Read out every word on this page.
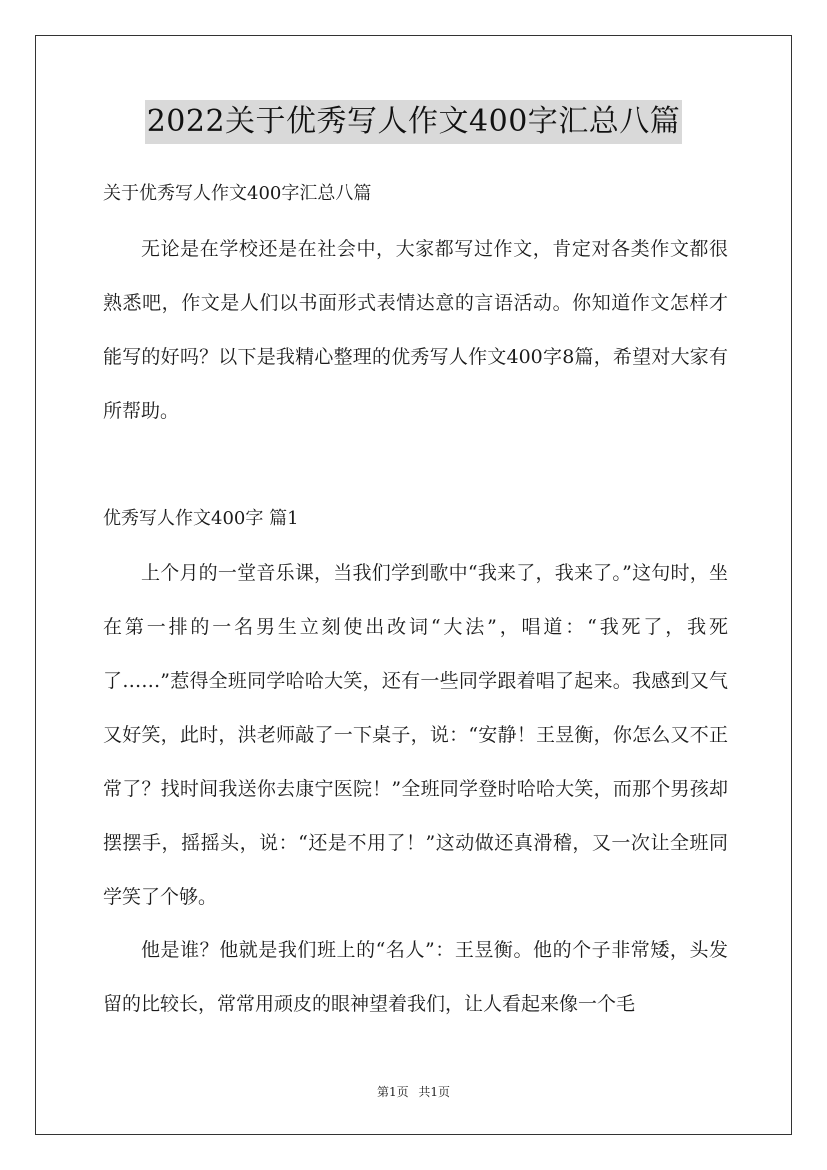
2022关于优秀写人作文400字汇总八篇
关于优秀写人作文400字汇总八篇

无论是在学校还是在社会中，大家都写过作文，肯定对各类作文都很熟悉吧，作文是人们以书面形式表情达意的言语活动。你知道作文怎样才能写的好吗？以下是我精心整理的优秀写人作文400字8篇，希望对大家有所帮助。

优秀写人作文400字 篇1

上个月的一堂音乐课，当我们学到歌中“我来了，我来了。”这句时，坐在第一排的一名男生立刻使出改词“大法”，唱道：“我死了，我死了……”惹得全班同学哈哈大笑，还有一些同学跟着唱了起来。我感到又气又好笑，此时，洪老师敲了一下桌子，说：“安静！王昱衡，你怎么又不正常了？找时间我送你去康宁医院！”全班同学登时哈哈大笑，而那个男孩却摆摆手，摇摇头，说：“还是不用了！”这动做还真滑稽，又一次让全班同学笑了个够。

他是谁？他就是我们班上的“名人”：王昱衡。他的个子非常矮，头发留的比较长，常常用顽皮的眼神望着我们，让人看起来像一个毛

第1页 共1页
